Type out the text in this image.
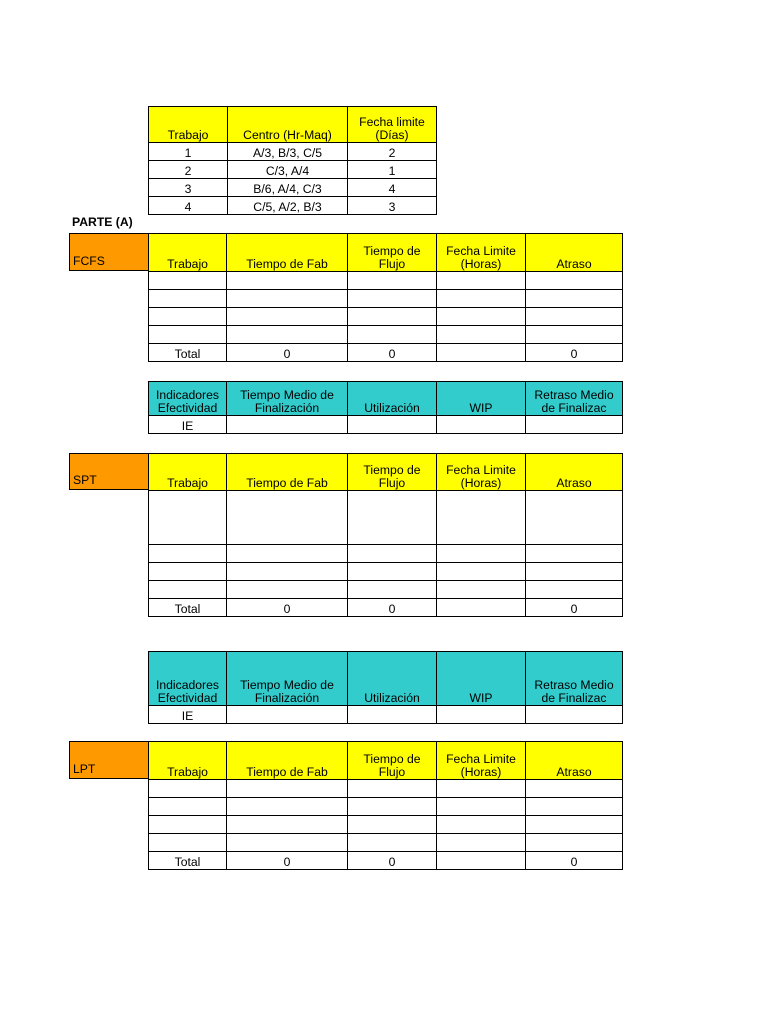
Trabajo	Centro (Hr-Maq)	Fecha limite (Días)
1	A/3, B/3, C/5	2
2	C/3, A/4	1
3	B/6, A/4, C/3	4
4	C/5, A/2, B/3	3
PARTE (A)
FCFS	Trabajo	Tiempo de Fab	Tiempo de Flujo	Fecha Limite (Horas)	Atraso

Total	0	0		0
Indicadores Efectividad	Tiempo Medio de Finalización	Utilización	WIP	Retraso Medio de Finalizac
IE				
SPT	Trabajo	Tiempo de Fab	Tiempo de Flujo	Fecha Limite (Horas)	Atraso

Total	0	0		0
Indicadores Efectividad	Tiempo Medio de Finalización	Utilización	WIP	Retraso Medio de Finalizac
IE				
LPT	Trabajo	Tiempo de Fab	Tiempo de Flujo	Fecha Limite (Horas)	Atraso

Total	0	0		0
